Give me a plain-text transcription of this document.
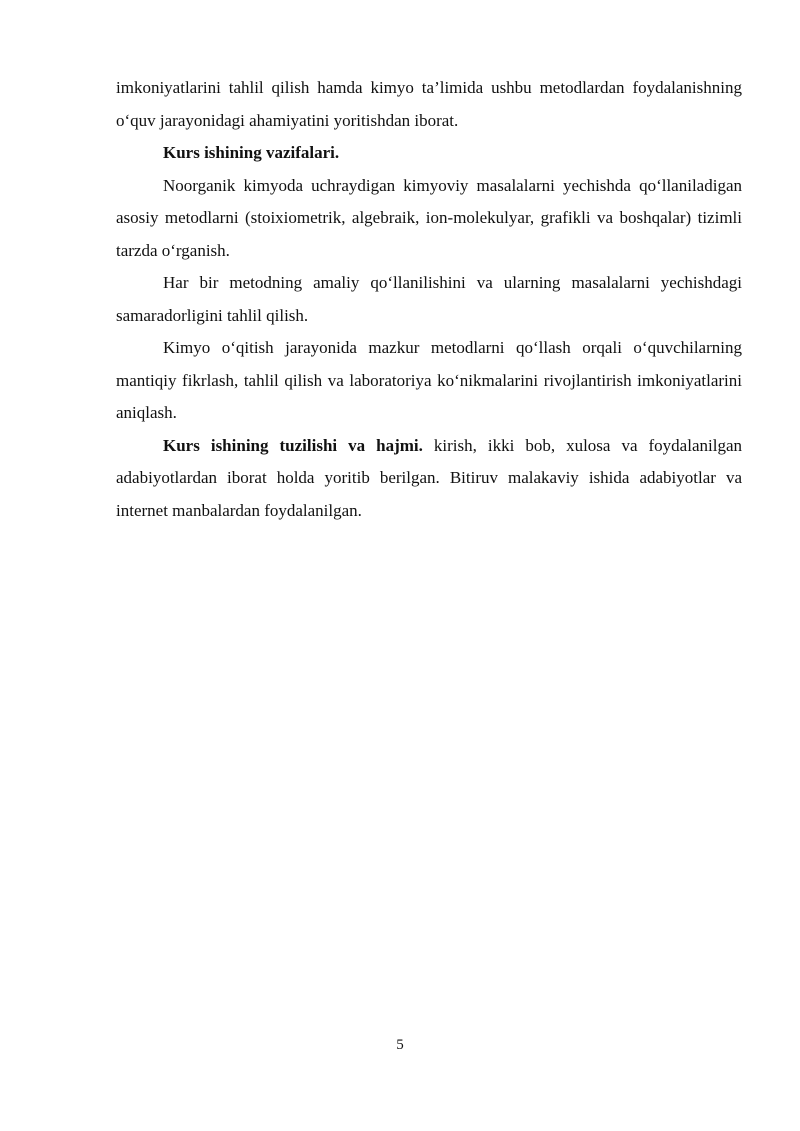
imkoniyatlarini tahlil qilish hamda kimyo ta’limida ushbu metodlardan foydalanishning o‘quv jarayonidagi ahamiyatini yoritishdan iborat.

Kurs ishining vazifalari.

Noorganik kimyoda uchraydigan kimyoviy masalalarni yechishda qo‘llaniladigan asosiy metodlarni (stoixiometrik, algebraik, ion-molekulyar, grafikli va boshqalar) tizimli tarzda o‘rganish.

Har bir metodning amaliy qo‘llanilishini va ularning masalalarni yechishdagi samaradorligini tahlil qilish.

Kimyo o‘qitish jarayonida mazkur metodlarni qo‘llash orqali o‘quvchilarning mantiqiy fikrlash, tahlil qilish va laboratoriya ko‘nikmalarini rivojlantirish imkoniyatlarini aniqlash.

Kurs ishining tuzilishi va hajmi. kirish, ikki bob, xulosa va foydalanilgan adabiyotlardan iborat holda yoritib berilgan. Bitiruv malakaviy ishida adabiyotlar va internet manbalardan foydalanilgan.

5
